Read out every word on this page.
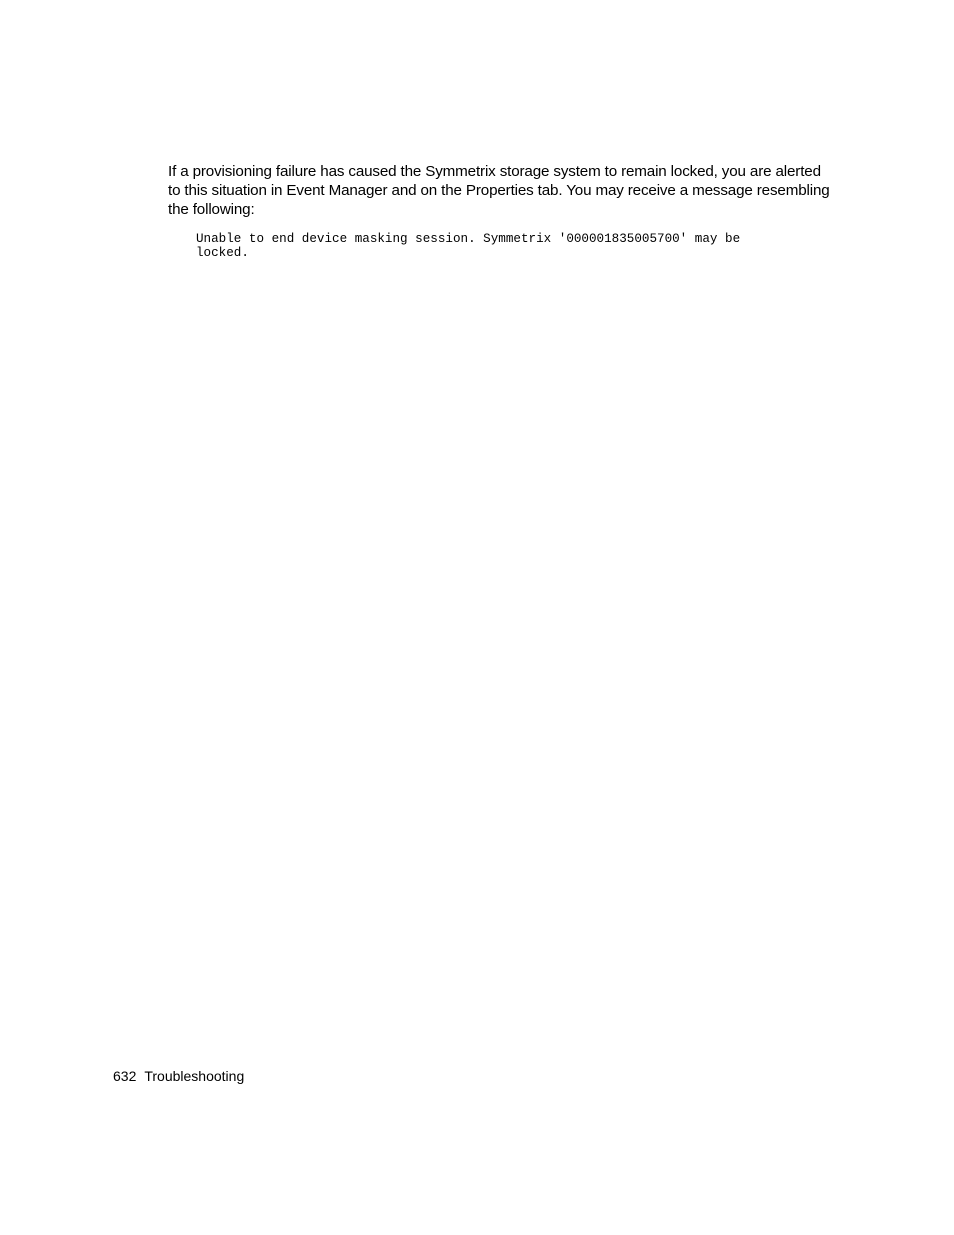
If a provisioning failure has caused the Symmetrix storage system to remain locked, you are alerted to this situation in Event Manager and on the Properties tab. You may receive a message resembling the following:

Unable to end device masking session. Symmetrix '000001835005700' may be
locked.
632 Troubleshooting
